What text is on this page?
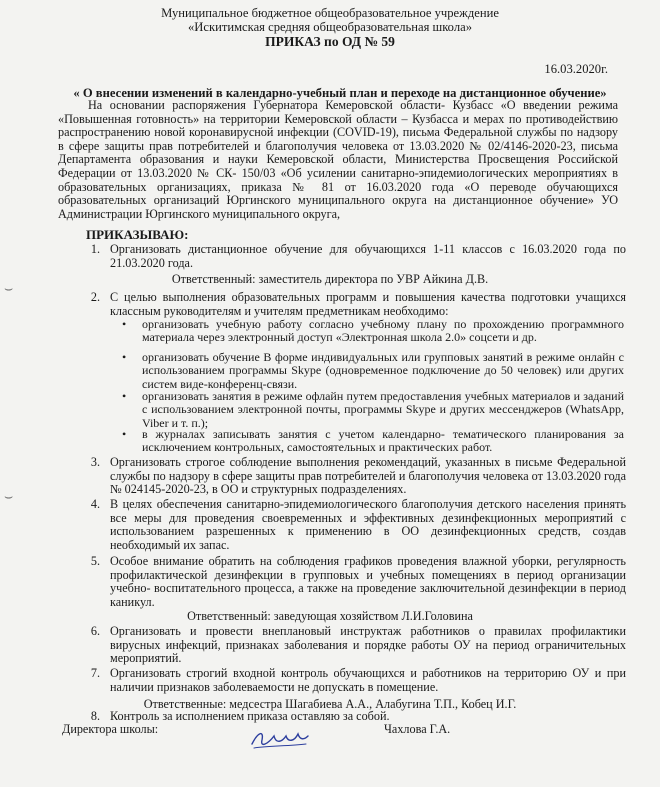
Муниципальное бюджетное общеобразовательное учреждение
«Искитимская средняя общеобразовательная школа»
ПРИКАЗ по ОД № 59
16.03.2020г.
« О внесении изменений в календарно-учебный план и переходе на дистанционное обучение»
На основании распоряжения Губернатора Кемеровской области- Кузбасс «О введении режима «Повышенная готовность» на территории Кемеровской области – Кузбасса и мерах по противодействию распространению новой коронавирусной инфекции (COVID-19), письма Федеральной службы по надзору в сфере защиты прав потребителей и благополучия человека от 13.03.2020 № 02/4146-2020-23, письма Департамента образования и науки Кемеровской области, Министерства Просвещения Российской Федерации от 13.03.2020 № СК- 150/03 «Об усилении санитарно-эпидемиологических мероприятиях в образовательных организациях, приказа № 81 от 16.03.2020 года «О переводе обучающихся образовательных организаций Юргинского муниципального округа на дистанционное обучение» УО Администрации Юргинского муниципального округа,
ПРИКАЗЫВАЮ:
1. Организовать дистанционное обучение для обучающихся 1-11 классов с 16.03.2020 года по 21.03.2020 года.
Ответственный: заместитель директора по УВР Айкина Д.В.
⌣	2. С целью выполнения образовательных программ и повышения качества подготовки учащихся классным руководителям и учителям предметникам необходимо:
•	организовать учебную работу согласно учебному плану по прохождению программного материала через электронный доступ «Электронная школа 2.0» соцсети и др.
•	организовать обучение В форме индивидуальных или групповых занятий в режиме онлайн с использованием программы Skype (одновременное подключение до 50 человек) или других систем виде-конференц-связи.
•	организовать занятия в режиме офлайн путем предоставления учебных материалов и заданий с использованием электронной почты, программы Skype и других мессенджеров (WhatsApp, Viber и т. п.);
•	в журналах записывать занятия с учетом календарно- тематического планирования за исключением контрольных, самостоятельных и практических работ.
3. Организовать строгое соблюдение выполнения рекомендаций, указанных в письме Федеральной службы по надзору в сфере защиты прав потребителей и благополучия человека от 13.03.2020 года № 024145-2020-23, в ОО и структурных подразделениях.
⌣	4. В целях обеспечения санитарно-эпидемиологического благополучия детского населения принять все меры для проведения своевременных и эффективных дезинфекционных мероприятий с использованием разрешенных к применению в ОО дезинфекционных средств, создав необходимый их запас.
5. Особое внимание обратить на соблюдения графиков проведения влажной уборки, регулярность профилактической дезинфекции в групповых и учебных помещениях в период организации учебно- воспитательного процесса, а также на проведение заключительной дезинфекции в период каникул.
Ответственный: заведующая хозяйством Л.И.Головина
6. Организовать и провести внеплановый инструктаж работников о правилах профилактики вирусных инфекций, признаках заболевания и порядке работы ОУ на период ограничительных мероприятий.
7. Организовать строгий входной контроль обучающихся и работников на территорию ОУ и при наличии признаков заболеваемости не допускать в помещение.
Ответственные: медсестра Шагабиева А.А., Алабугина Т.П., Кобец И.Г.
8. Контроль за исполнением приказа оставляю за собой.
Директора школы:	Чахлова Г.А.
